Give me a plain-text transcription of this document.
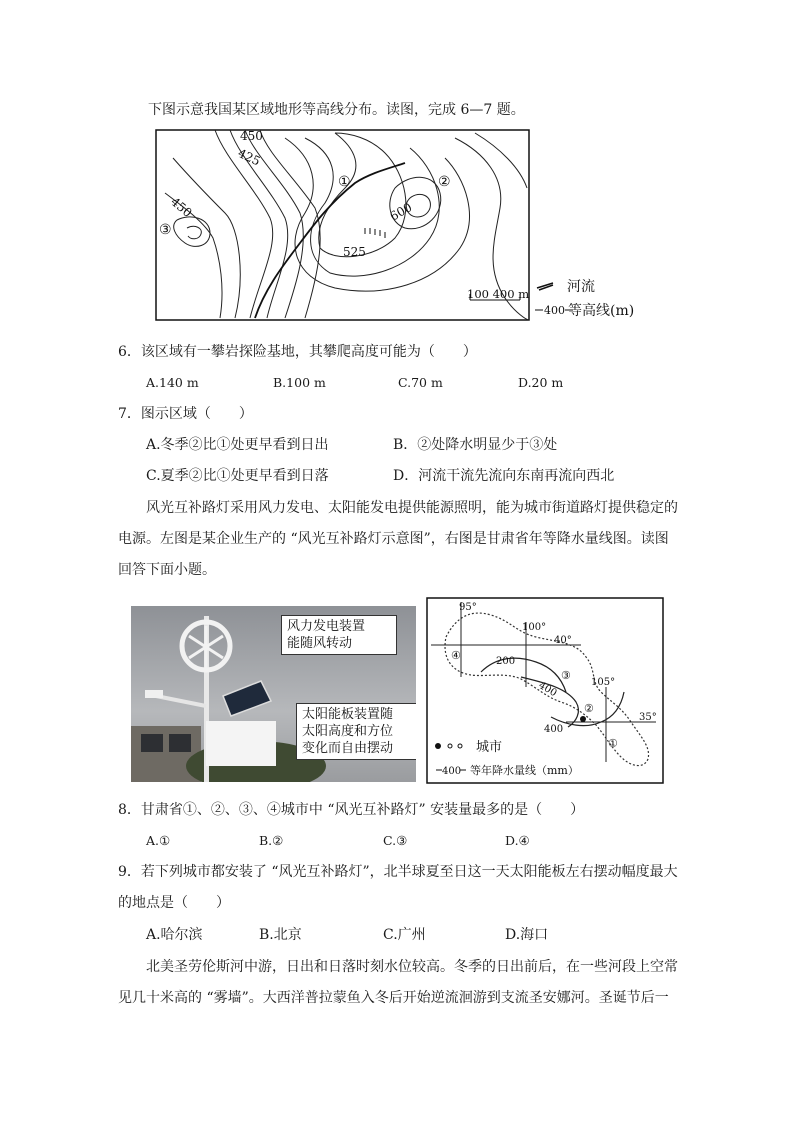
下图示意我国某区域地形等高线分布。读图，完成 6—7 题。
450
425
450
525
600
①	②
③
100 400 m	河流
400 等高线(m)
6．该区域有一攀岩探险基地，其攀爬高度可能为（　　）
A.140 m	B.100 m	C.70 m	D.20 m
7．图示区域（　　）
A.冬季②比①处更早看到日出	B．②处降水明显少于③处
C.夏季②比①处更早看到日落	D．河流干流先流向东南再流向西北
风光互补路灯采用风力发电、太阳能发电提供能源照明，能为城市街道路灯提供稳定的
电源。左图是某企业生产的 “风光互补路灯示意图”，右图是甘肃省年等降水量线图。读图
回答下面小题。
风力发电装置
能随风转动
太阳能板装置随
太阳高度和方位
变化而自由摆动
95°
100°
105°
40°
35°
200
400
400
①
②
③
④
城市
400 等年降水量线（mm）
8．甘肃省①、②、③、④城市中 “风光互补路灯” 安装量最多的是（　　）
A.①	B.②	C.③	D.④
9．若下列城市都安装了 “风光互补路灯”，北半球夏至日这一天太阳能板左右摆动幅度最大
的地点是（　　）
A.哈尔滨	B.北京	C.广州	D.海口
北美圣劳伦斯河中游，日出和日落时刻水位较高。冬季的日出前后，在一些河段上空常
见几十米高的 “雾墙”。大西洋普拉蒙鱼入冬后开始逆流洄游到支流圣安娜河。圣诞节后一
